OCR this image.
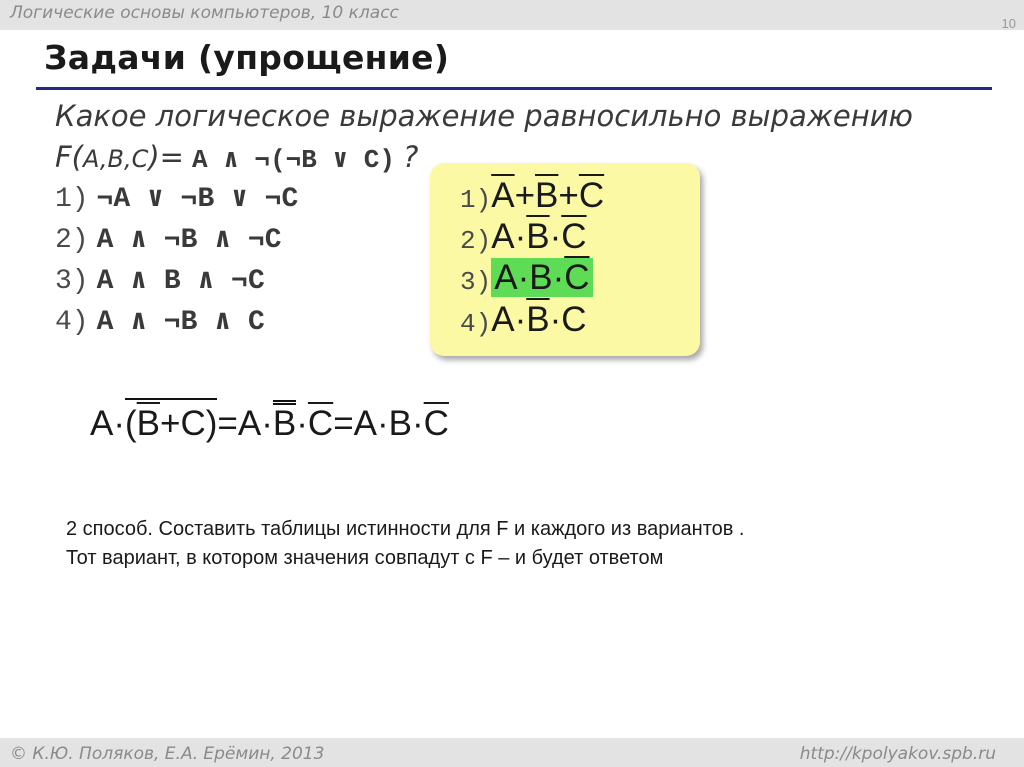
Логические основы компьютеров, 10 класс
10
Задачи (упрощение)
Какое логическое выражение равносильно выражению
F(A,B,C)= A ∧ ¬(¬B ∨ C) ?
1) ¬A ∨ ¬B ∨ ¬C
2) A ∧ ¬B ∧ ¬C
3) A ∧ B ∧ ¬C
4) A ∧ ¬B ∧ C
$1)\overline{A}+\overline{B}+\overline{C}$
$2)A\cdot\overline{B}\cdot\overline{C}$
$3)A\cdot B\cdot\overline{C}$
$4)A\cdot\overline{B}\cdot C$
$A\cdot(\overline{B}+C)=A\cdot B\cdot\overline{C}=A\cdot B\cdot\overline{C}$
2 способ. Составить таблицы истинности для F и каждого из вариантов .
Тот вариант, в котором значения совпадут с F – и будет ответом
© К.Ю. Поляков, Е.А. Ерёмин, 2013	http://kpolyakov.spb.ru
